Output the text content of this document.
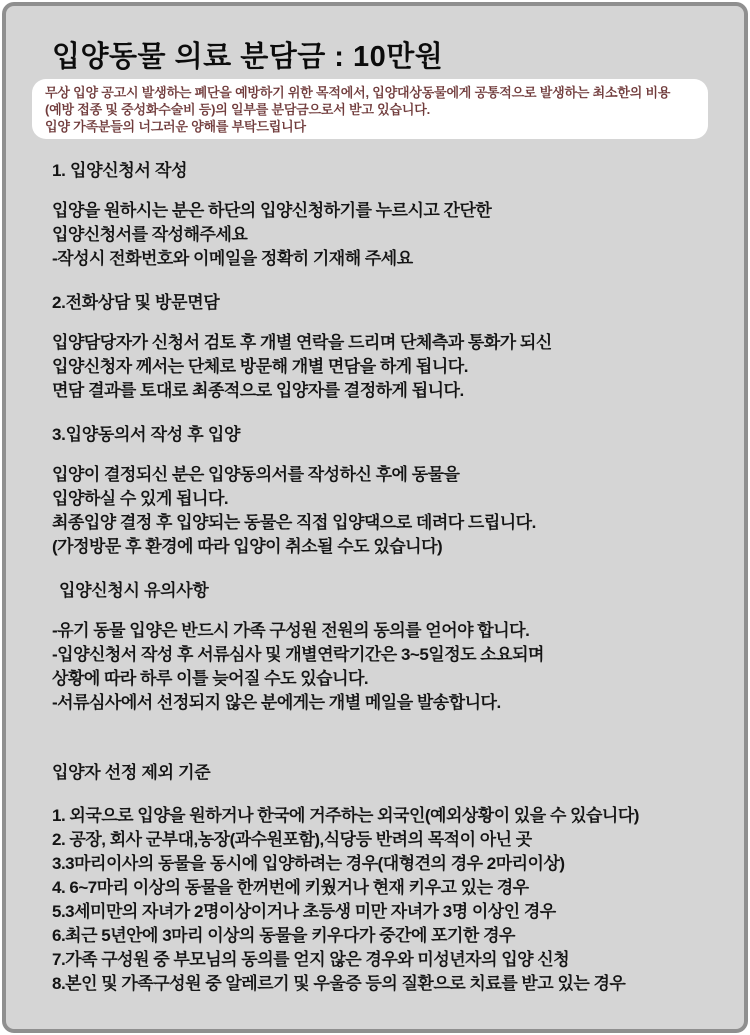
입양동물 의료 분담금 : 10만원
무상 입양 공고시 발생하는 폐단을 예방하기 위한 목적에서, 입양대상동물에게 공통적으로 발생하는 최소한의 비용
(예방 접종 및 중성화수술비 등)의 일부를 분담금으로서 받고 있습니다.
입양 가족분들의 너그러운 양해를 부탁드립니다
1. 입양신청서 작성
입양을 원하시는 분은 하단의 입양신청하기를 누르시고 간단한
입양신청서를 작성해주세요
-작성시 전화번호와 이메일을 정확히 기재해 주세요
2.전화상담 및 방문면담
입양담당자가 신청서 검토 후 개별 연락을 드리며 단체측과 통화가 되신
입양신청자 께서는 단체로 방문해 개별 면담을 하게 됩니다.
면담 결과를 토대로 최종적으로 입양자를 결정하게 됩니다.
3.입양동의서 작성 후 입양
입양이 결정되신 분은 입양동의서를 작성하신 후에 동물을
입양하실 수 있게 됩니다.
최종입양 결정 후 입양되는 동물은 직접 입양댁으로 데려다 드립니다.
(가정방문 후 환경에 따라 입양이 취소될 수도 있습니다)
입양신청시 유의사항
-유기 동물 입양은 반드시 가족 구성원 전원의 동의를 얻어야 합니다.
-입양신청서 작성 후 서류심사 및 개별연락기간은 3~5일정도 소요되며
상황에 따라 하루 이틀 늦어질 수도 있습니다.
-서류심사에서 선정되지 않은 분에게는 개별 메일을 발송합니다.
입양자 선정 제외 기준
1. 외국으로 입양을 원하거나 한국에 거주하는 외국인(예외상황이 있을 수 있습니다)
2. 공장, 회사 군부대,농장(과수원포함),식당등 반려의 목적이 아닌 곳
3.3마리이사의 동물을 동시에 입양하려는 경우(대형견의 경우 2마리이상)
4. 6~7마리 이상의 동물을 한꺼번에 키웠거나 현재 키우고 있는 경우
5.3세미만의 자녀가 2명이상이거나 초등생 미만 자녀가 3명 이상인 경우
6.최근 5년안에 3마리 이상의 동물을 키우다가 중간에 포기한 경우
7.가족 구성원 중 부모님의 동의를 얻지 않은 경우와 미성년자의 입양 신청
8.본인 및 가족구성원 중 알레르기 및 우울증 등의 질환으로 치료를 받고 있는 경우
